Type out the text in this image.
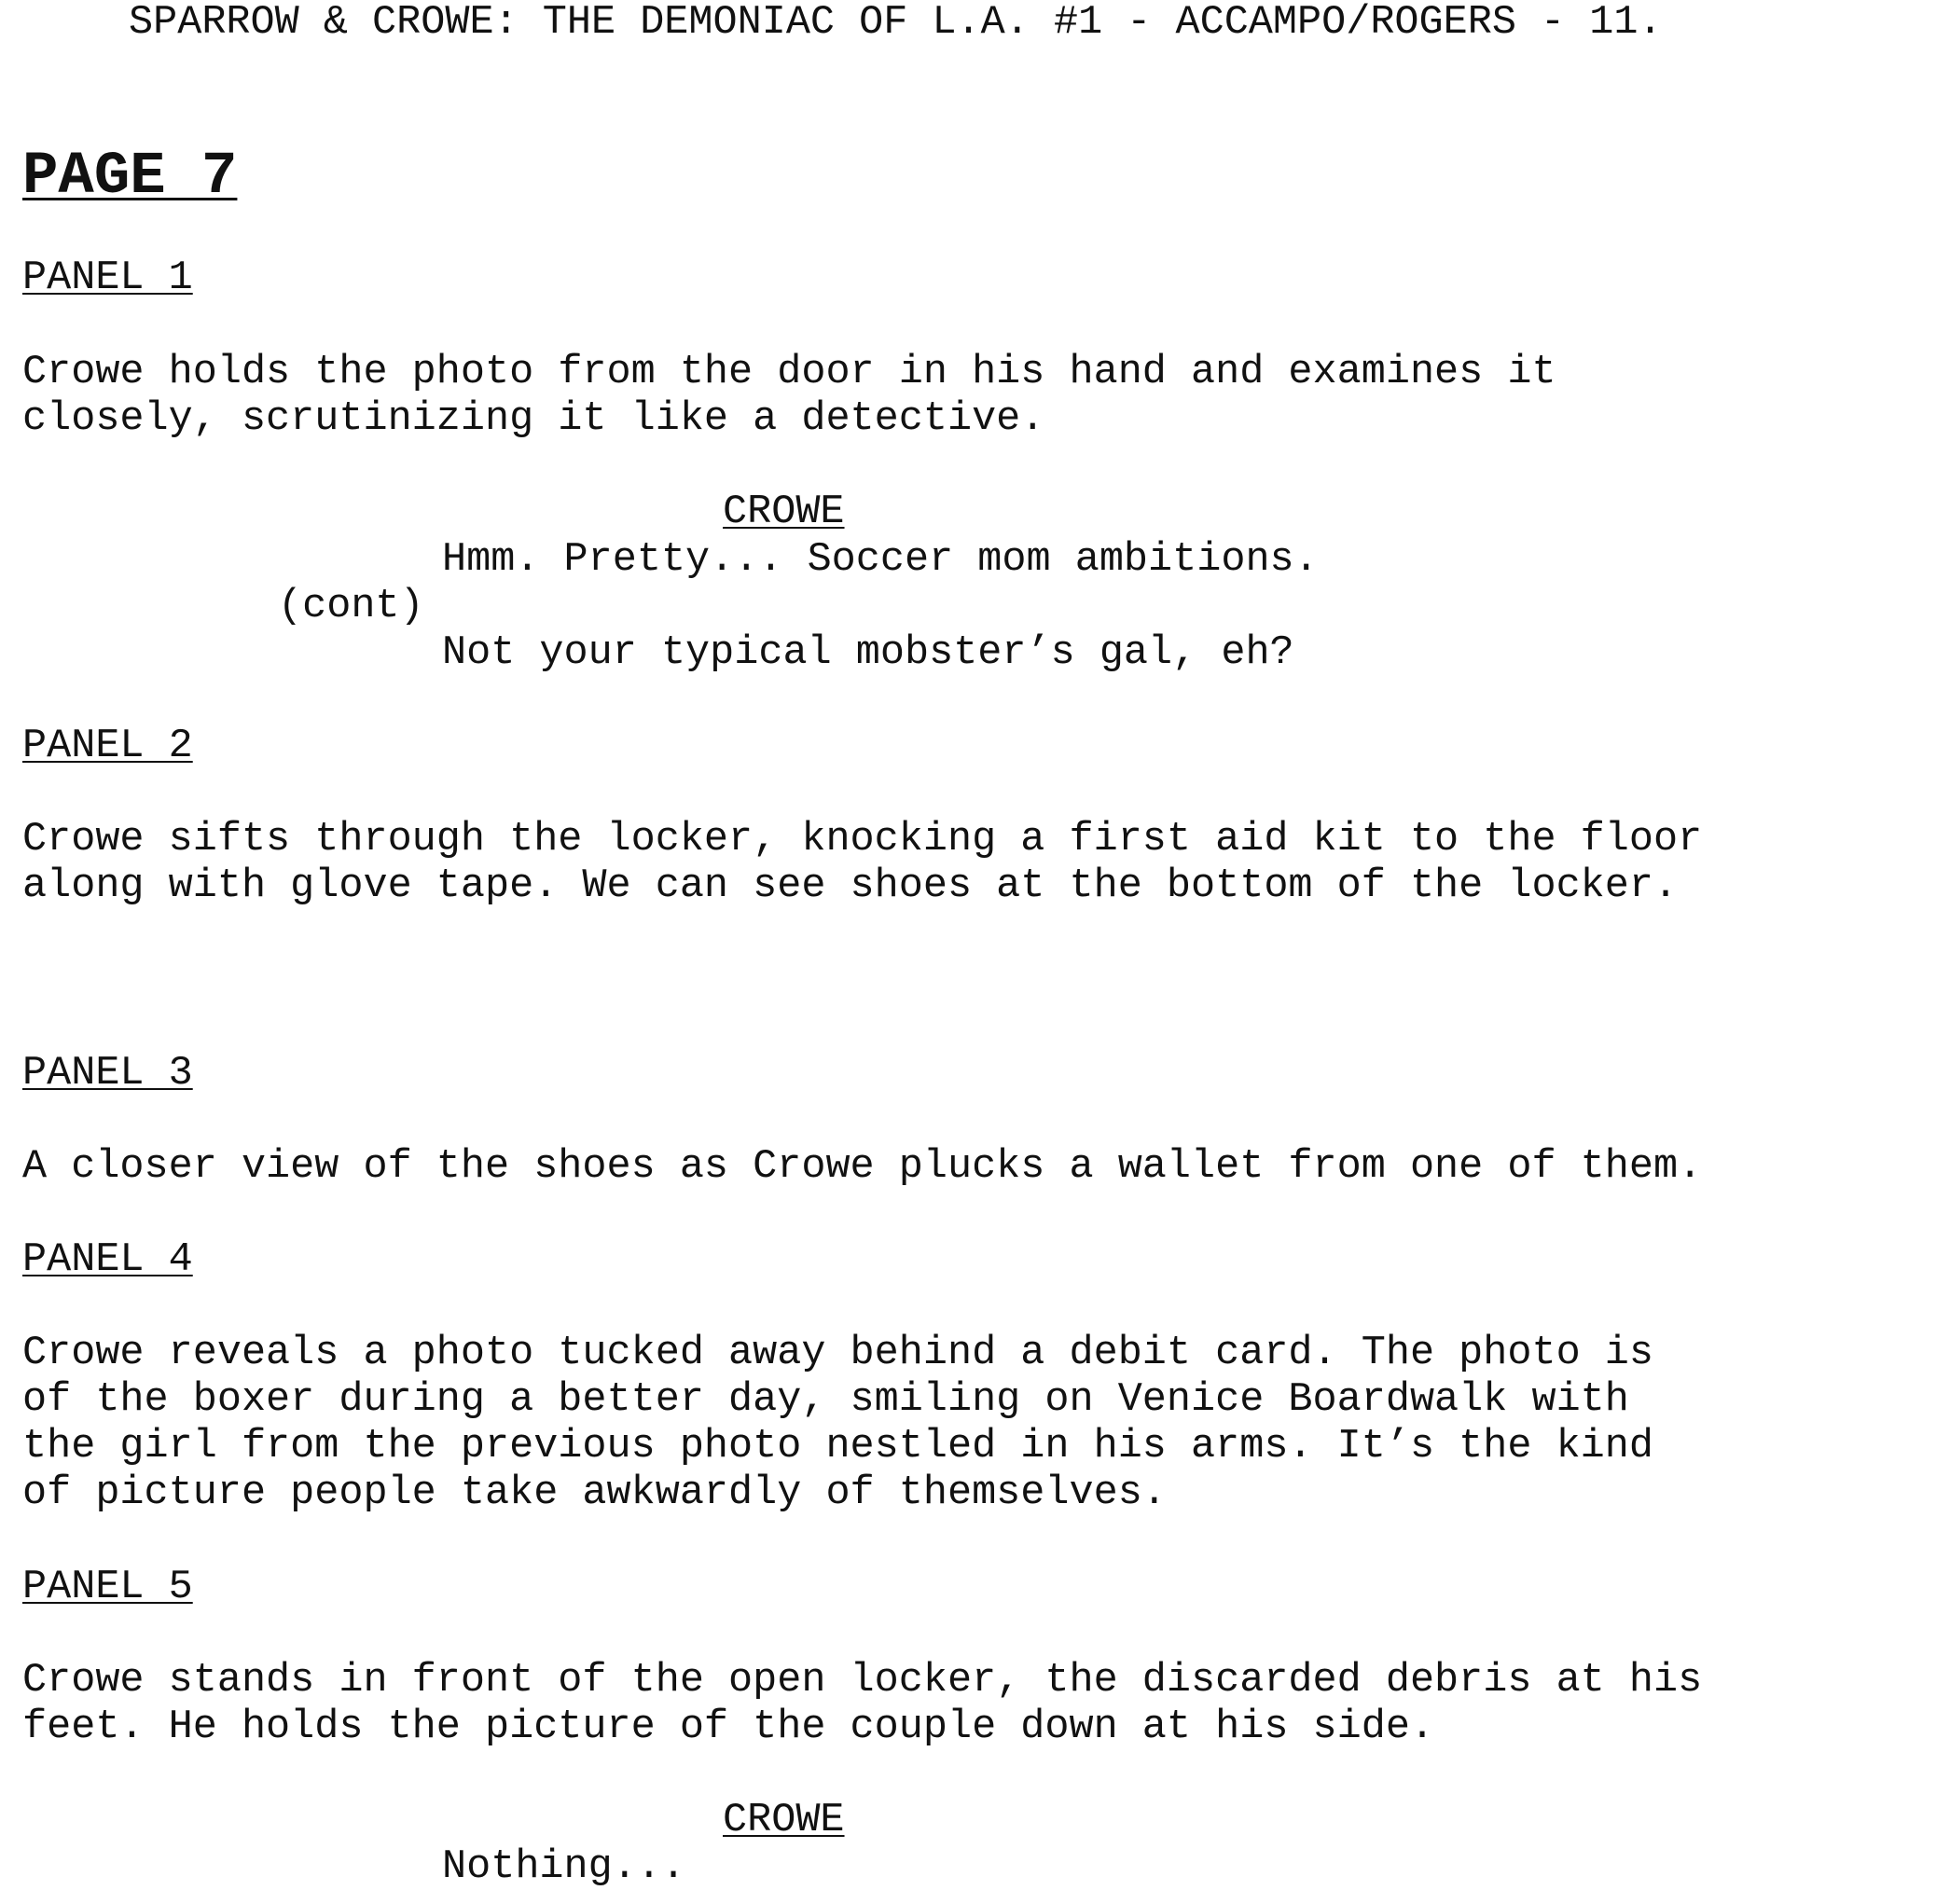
SPARROW & CROWE: THE DEMONIAC OF L.A. #1 - ACCAMPO/ROGERS - 11.

PAGE 7

PANEL 1

Crowe holds the photo from the door in his hand and examines it

closely, scrutinizing it like a detective.

CROWE

Hmm. Pretty... Soccer mom ambitions.

(cont)

Not your typical mobster’s gal, eh?

PANEL 2

Crowe sifts through the locker, knocking a first aid kit to the floor

along with glove tape. We can see shoes at the bottom of the locker.

PANEL 3

A closer view of the shoes as Crowe plucks a wallet from one of them.

PANEL 4

Crowe reveals a photo tucked away behind a debit card. The photo is

of the boxer during a better day, smiling on Venice Boardwalk with

the girl from the previous photo nestled in his arms. It’s the kind

of picture people take awkwardly of themselves.

PANEL 5

Crowe stands in front of the open locker, the discarded debris at his

feet. He holds the picture of the couple down at his side.

CROWE

Nothing...
